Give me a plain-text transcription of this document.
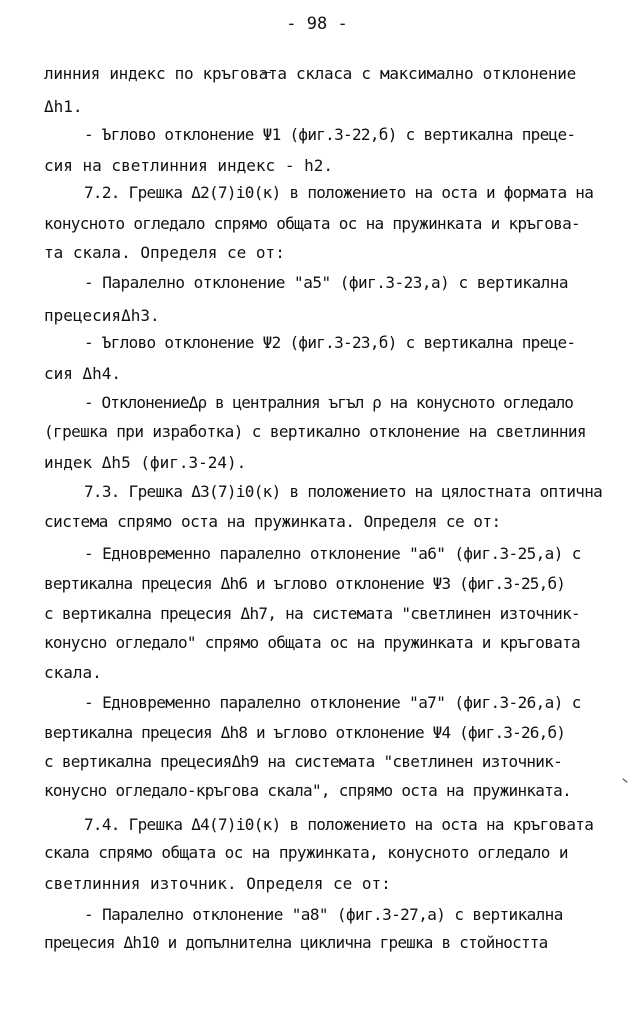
- 98 -
линния индекс по кръговата скласа с максимално отклонение
Δh1.
- Ъглово отклонение Ψ1 (фиг.3-22,б) с вертикална прецe-
сия на светлинния индекс - h2.
7.2. Грешка Δ2(7)i0(к) в положението на оста и формата на
конусното огледало спрямо общата ос на пружинката и кръгова-
та скала. Определя се от:
- Паралелно отклонение "a5" (фиг.3-23,а) с вертикална
прецесияΔh3.
- Ъглово отклонение Ψ2 (фиг.3-23,б) с вертикална прецe-
сия Δh4.
- ОтклонениеΔρ в централния ъгъл ρ на конусното огледало
(грешка при изработка) с вертикално отклонение на светлинния
индек Δh5 (фиг.3-24).
7.3. Грешка Δ3(7)i0(к) в положението на цялостната оптична
система спрямо оста на пружинката. Определя се от:
- Едновременно паралелно отклонение "a6" (фиг.3-25,а) с
вертикална прецесия Δh6 и ъглово отклонение Ψ3 (фиг.3-25,б)
с вертикална прецесия Δh7, на системата "светлинен източник-
конусно огледало" спрямо общата ос на пружинката и кръговата
скала.
- Едновременно паралелно отклонение "a7" (фиг.3-26,а) с
вертикална прецесия Δh8 и ъглово отклонение Ψ4 (фиг.3-26,б)
с вертикална прецесияΔh9 на системата "светлинен източник-
конусно огледало-кръгова скала", спрямо оста на пружинката.
7.4. Грешка Δ4(7)i0(к) в положението на оста на кръговата
скала спрямо общата ос на пружинката, конусното огледало и
светлинния източник. Определя се от:
- Паралелно отклонение "a8" (фиг.3-27,а) с вертикална
прецесия Δh10 и допълнителна циклична грешка в стойността
